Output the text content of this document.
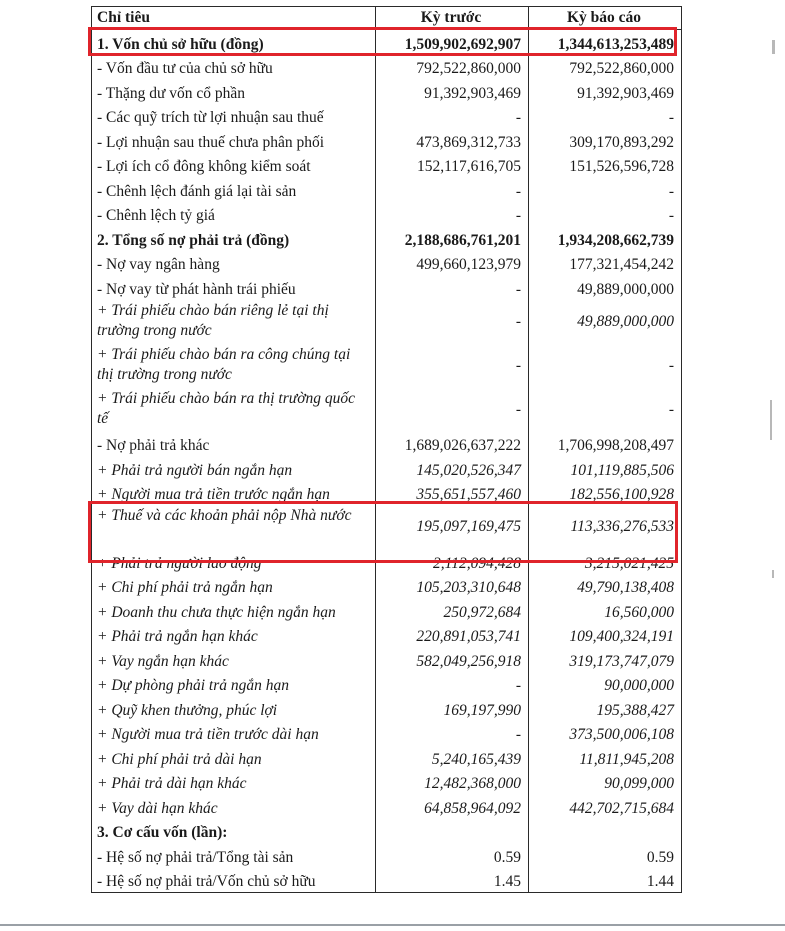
Chỉ tiêu	Kỳ trước	Kỳ báo cáo
1. Vốn chủ sở hữu (đồng)	1,509,902,692,907	1,344,613,253,489
- Vốn đầu tư của chủ sở hữu	792,522,860,000	792,522,860,000
- Thặng dư vốn cổ phần	91,392,903,469	91,392,903,469
- Các quỹ trích từ lợi nhuận sau thuế	-	-
- Lợi nhuận sau thuế chưa phân phối	473,869,312,733	309,170,893,292
- Lợi ích cổ đông không kiểm soát	152,117,616,705	151,526,596,728
- Chênh lệch đánh giá lại tài sản	-	-
- Chênh lệch tỷ giá	-	-
2. Tổng số nợ phải trả (đồng)	2,188,686,761,201	1,934,208,662,739
- Nợ vay ngân hàng	499,660,123,979	177,321,454,242
- Nợ vay từ phát hành trái phiếu	-	49,889,000,000
+ Trái phiếu chào bán riêng lẻ tại thị trường trong nước	-	49,889,000,000
+ Trái phiếu chào bán ra công chúng tại thị trường trong nước	-	-
+ Trái phiếu chào bán ra thị trường quốc tế	-	-
- Nợ phải trả khác	1,689,026,637,222	1,706,998,208,497
+ Phải trả người bán ngắn hạn	145,020,526,347	101,119,885,506
+ Người mua trả tiền trước ngắn hạn	355,651,557,460	182,556,100,928
+ Thuế và các khoản phải nộp Nhà nước	195,097,169,475	113,336,276,533
+ Phải trả người lao động	2,112,094,428	3,215,021,425
+ Chi phí phải trả ngắn hạn	105,203,310,648	49,790,138,408
+ Doanh thu chưa thực hiện ngắn hạn	250,972,684	16,560,000
+ Phải trả ngắn hạn khác	220,891,053,741	109,400,324,191
+ Vay ngắn hạn khác	582,049,256,918	319,173,747,079
+ Dự phòng phải trả ngắn hạn	-	90,000,000
+ Quỹ khen thưởng, phúc lợi	169,197,990	195,388,427
+ Người mua trả tiền trước dài hạn	-	373,500,006,108
+ Chi phí phải trả dài hạn	5,240,165,439	11,811,945,208
+ Phải trả dài hạn khác	12,482,368,000	90,099,000
+ Vay dài hạn khác	64,858,964,092	442,702,715,684
3. Cơ cấu vốn (lần):		
- Hệ số nợ phải trả/Tổng tài sản	0.59	0.59
- Hệ số nợ phải trả/Vốn chủ sở hữu	1.45	1.44
